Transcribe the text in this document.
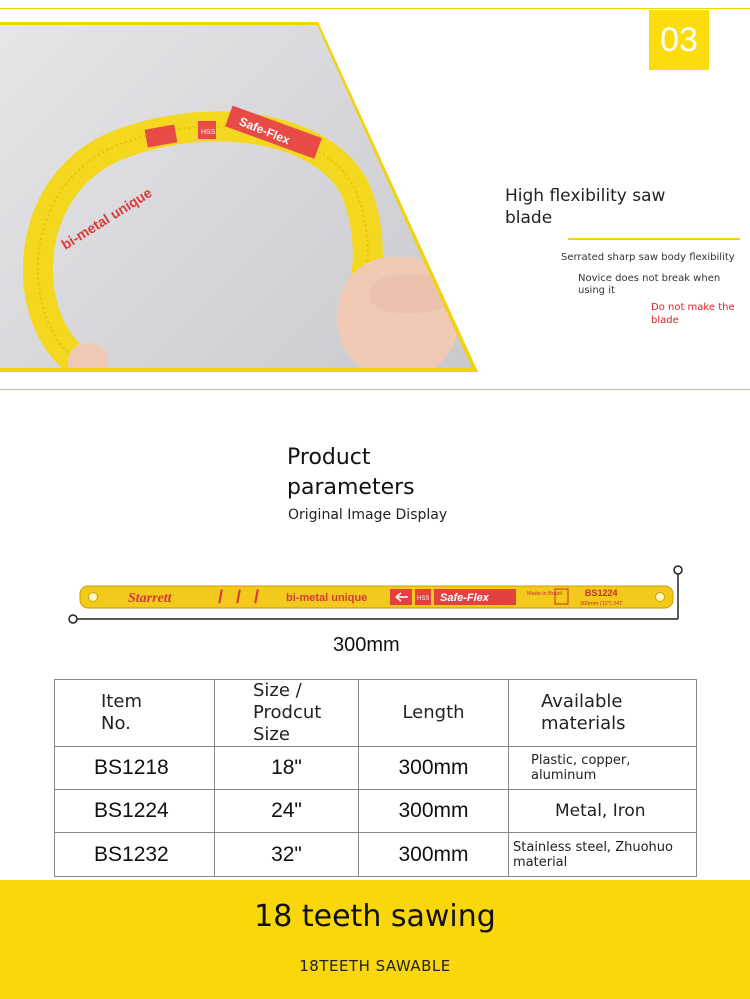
Safe-Flex
HSS
bi-metal unique
03
High flexibility saw blade
Serrated sharp saw body flexibility
Novice does not break when using it
Do not make the blade
Product parameters
Original Image Display
Starrett	/ / / bi-metal unique	HSS Safe-Flex	Made in Brazil	BS1224
300mm (12") 24T
300mm
Item No.	Size / Prodcut Size	Length	Available materials

BS1218	18"	300mm	Plastic, copper, aluminum

BS1224	24"	300mm	Metal, Iron

BS1232	32"	300mm	Stainless steel, Zhuohuo material
18 teeth sawing
18TEETH SAWABLE
